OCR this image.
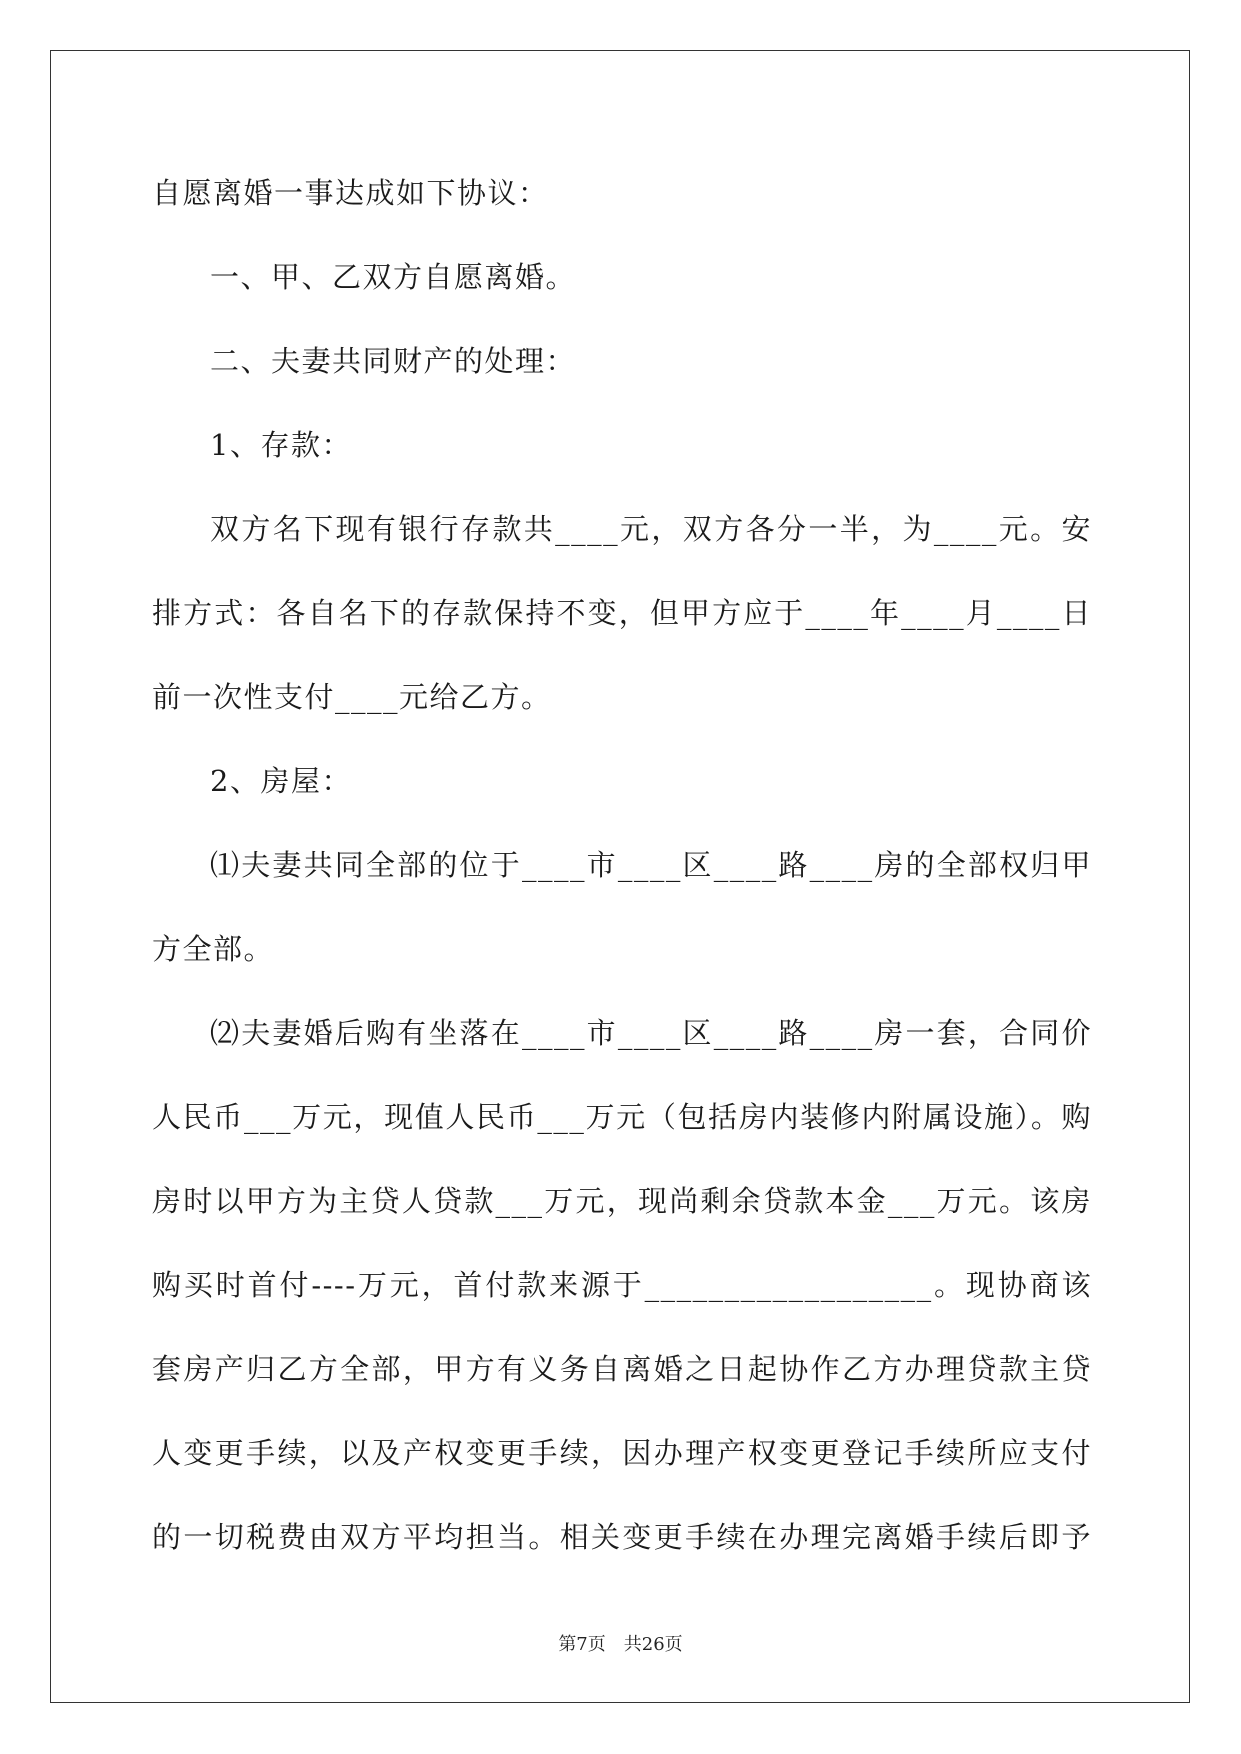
自愿离婚一事达成如下协议：
一、甲、乙双方自愿离婚。
二、夫妻共同财产的处理：
1、存款：
双方名下现有银行存款共____元，双方各分一半，为____元。安
排方式：各自名下的存款保持不变，但甲方应于____年____月____日
前一次性支付____元给乙方。
2、房屋：
⑴夫妻共同全部的位于____市____区____路____房的全部权归甲
方全部。
⑵夫妻婚后购有坐落在____市____区____路____房一套，合同价
人民币___万元，现值人民币___万元（包括房内装修内附属设施）。购
房时以甲方为主贷人贷款___万元，现尚剩余贷款本金___万元。该房
购买时首付----万元，首付款来源于__________________。现协商该
套房产归乙方全部，甲方有义务自离婚之日起协作乙方办理贷款主贷
人变更手续，以及产权变更手续，因办理产权变更登记手续所应支付
的一切税费由双方平均担当。相关变更手续在办理完离婚手续后即予
第7页 共26页
